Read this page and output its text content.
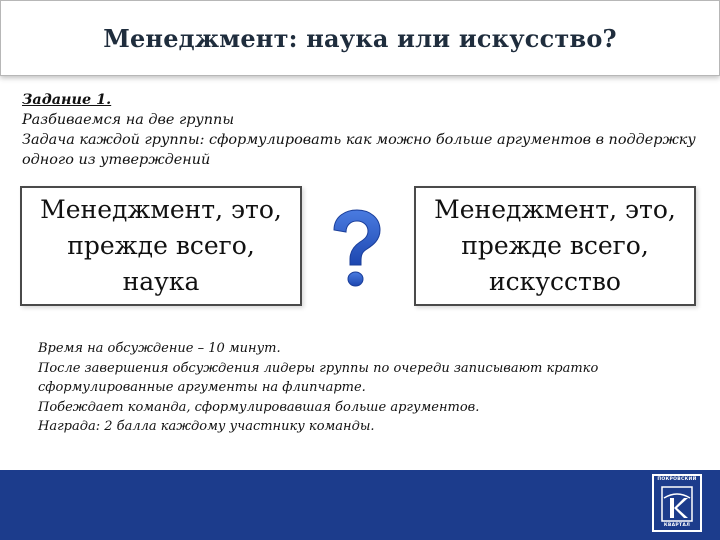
Менеджмент: наука или искусство?
Задание 1.
Разбиваемся на две группы
Задача каждой группы: сформулировать как можно больше аргументов в поддержку одного из утверждений
Менеджмент, это, прежде всего, наука
Менеджмент, это, прежде всего, искусство
Время на обсуждение – 10 минут.
После завершения обсуждения лидеры группы по очереди записывают кратко сформулированные аргументы на флипчарте.
Побеждает команда, сформулировавшая больше аргументов.
Награда: 2 балла каждому участнику команды.
ПОКРОВСКИЙ
КВАРТАЛ
